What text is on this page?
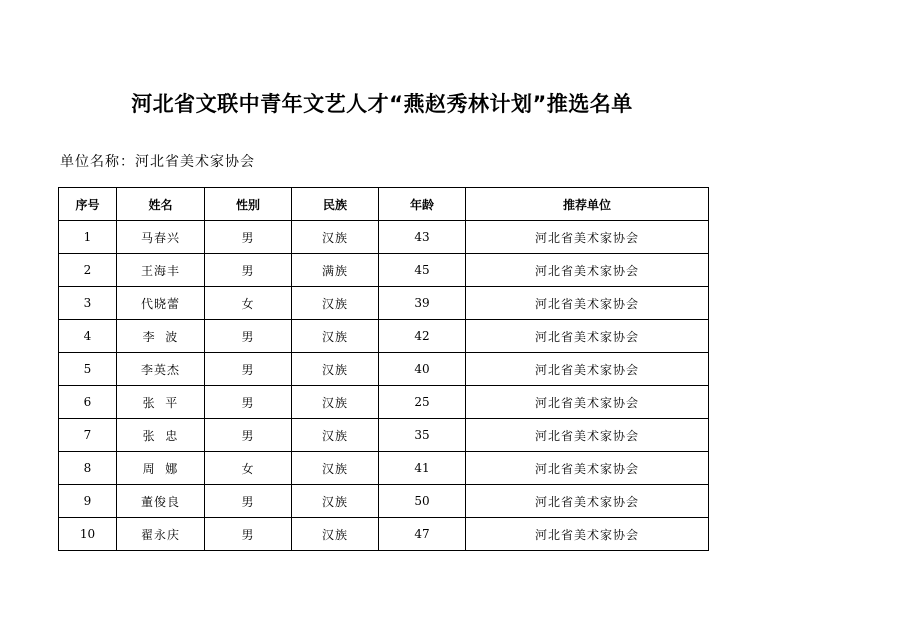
河北省文联中青年文艺人才“燕赵秀林计划”推选名单
单位名称：河北省美术家协会
序号	姓名	性别	民族	年龄	推荐单位
1	马春兴	男	汉族	43	河北省美术家协会
2	王海丰	男	满族	45	河北省美术家协会
3	代晓蕾	女	汉族	39	河北省美术家协会
4	李  波	男	汉族	42	河北省美术家协会
5	李英杰	男	汉族	40	河北省美术家协会
6	张  平	男	汉族	25	河北省美术家协会
7	张  忠	男	汉族	35	河北省美术家协会
8	周  娜	女	汉族	41	河北省美术家协会
9	董俊良	男	汉族	50	河北省美术家协会
10	翟永庆	男	汉族	47	河北省美术家协会
